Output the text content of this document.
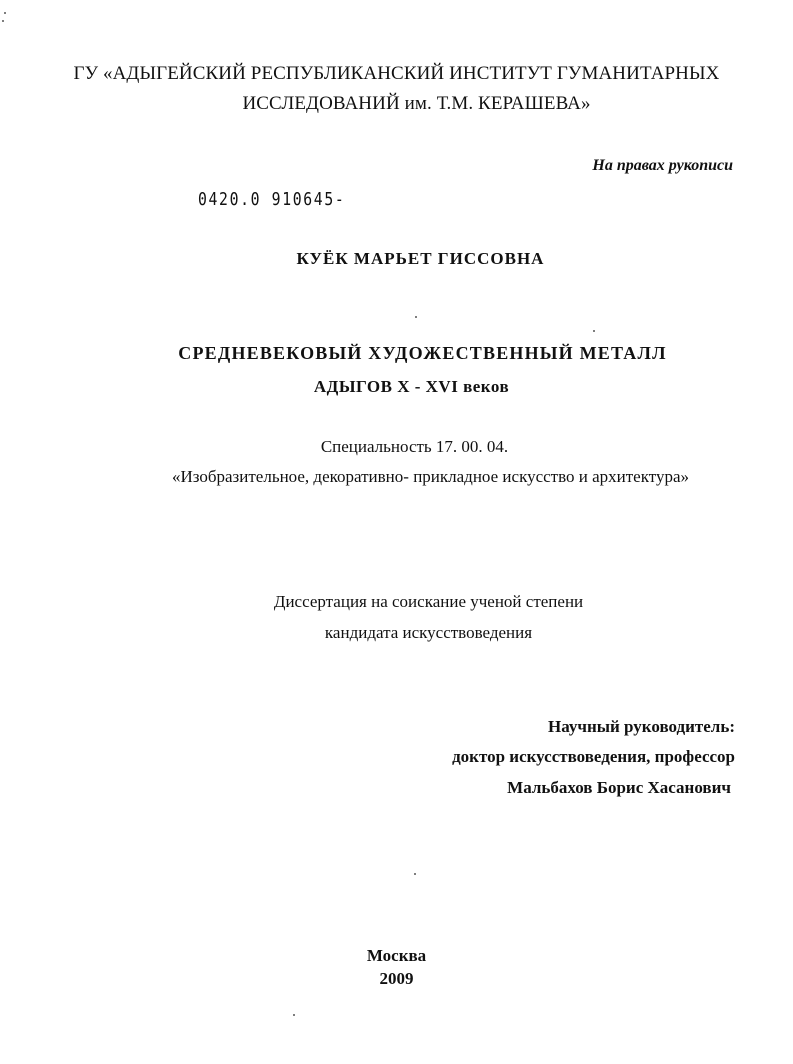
ГУ «АДЫГЕЙСКИЙ РЕСПУБЛИКАНСКИЙ ИНСТИТУТ ГУМАНИТАРНЫХ
ИССЛЕДОВАНИЙ им. Т.М. КЕРАШЕВА»
На правах рукописи
0420.0 910645-
КУЁК МАРЬЕТ ГИССОВНА
СРЕДНЕВЕКОВЫЙ ХУДОЖЕСТВЕННЫЙ МЕТАЛЛ
АДЫГОВ X - XVI веков
Специальность 17. 00. 04.
«Изобразительное, декоративно- прикладное искусство и архитектура»
Диссертация на соискание ученой степени
кандидата искусствоведения
Научный руководитель:
доктор искусствоведения, профессор
Мальбахов Борис Хасанович
Москва
2009
